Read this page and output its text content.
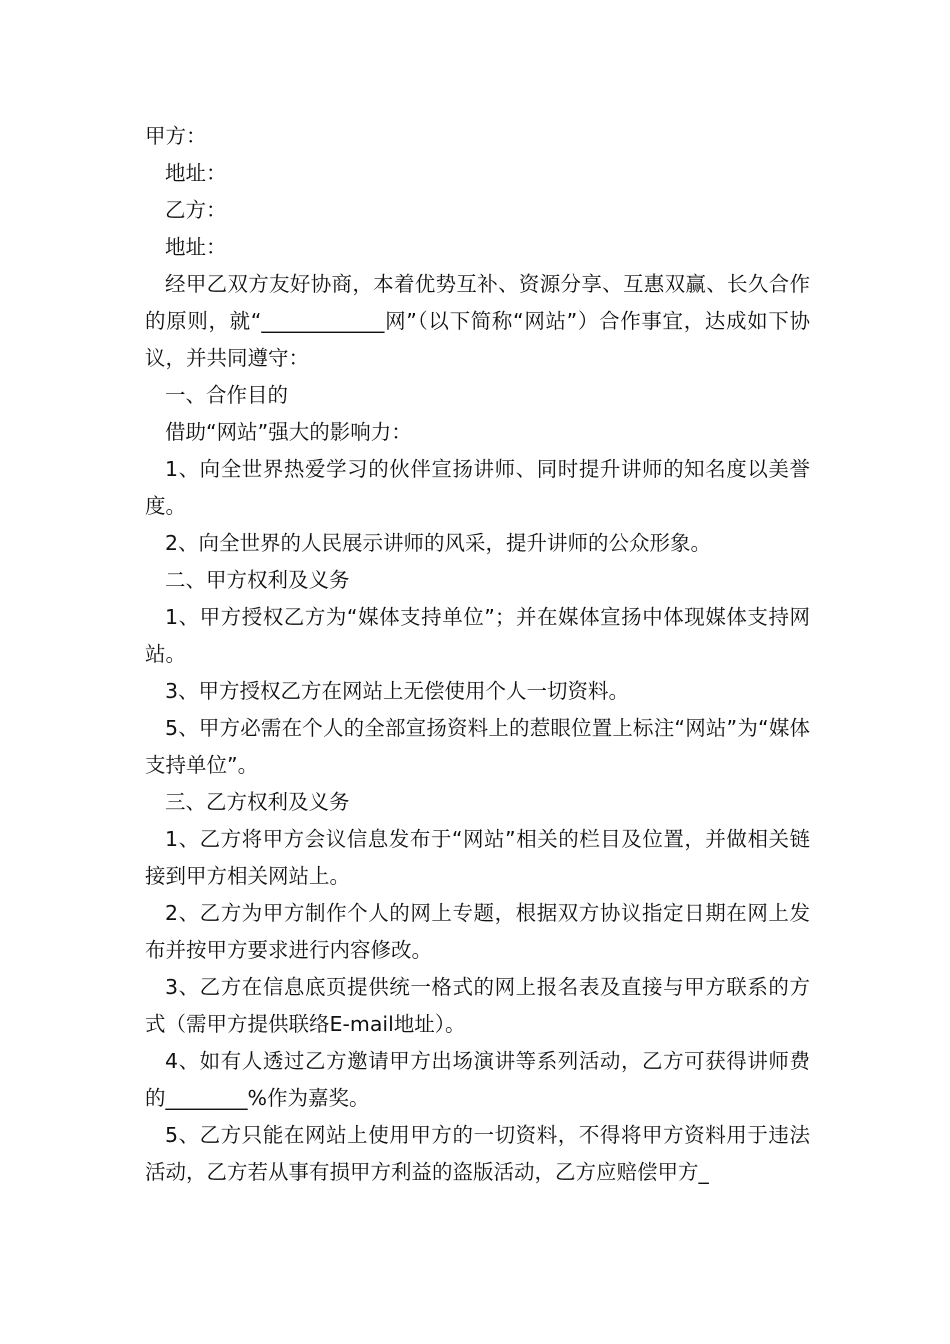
甲方：

地址：

乙方：

地址：

经甲乙双方友好协商，本着优势互补、资源分享、互惠双赢、长久合作的原则，就“____________网”（以下简称“网站”）合作事宜，达成如下协议，并共同遵守：

一、合作目的

借助“网站”强大的影响力：

1、向全世界热爱学习的伙伴宣扬讲师、同时提升讲师的知名度以美誉度。

2、向全世界的人民展示讲师的风采，提升讲师的公众形象。

二、甲方权利及义务

1、甲方授权乙方为“媒体支持单位”；并在媒体宣扬中体现媒体支持网站。

3、甲方授权乙方在网站上无偿使用个人一切资料。

5、甲方必需在个人的全部宣扬资料上的惹眼位置上标注“网站”为“媒体支持单位”。

三、乙方权利及义务

1、乙方将甲方会议信息发布于“网站”相关的栏目及位置，并做相关链接到甲方相关网站上。

2、乙方为甲方制作个人的网上专题，根据双方协议指定日期在网上发布并按甲方要求进行内容修改。

3、乙方在信息底页提供统一格式的网上报名表及直接与甲方联系的方式（需甲方提供联络E-mail地址）。

4、如有人透过乙方邀请甲方出场演讲等系列活动，乙方可获得讲师费的________%作为嘉奖。

5、乙方只能在网站上使用甲方的一切资料，不得将甲方资料用于违法活动，乙方若从事有损甲方利益的盗版活动，乙方应赔偿甲方_
